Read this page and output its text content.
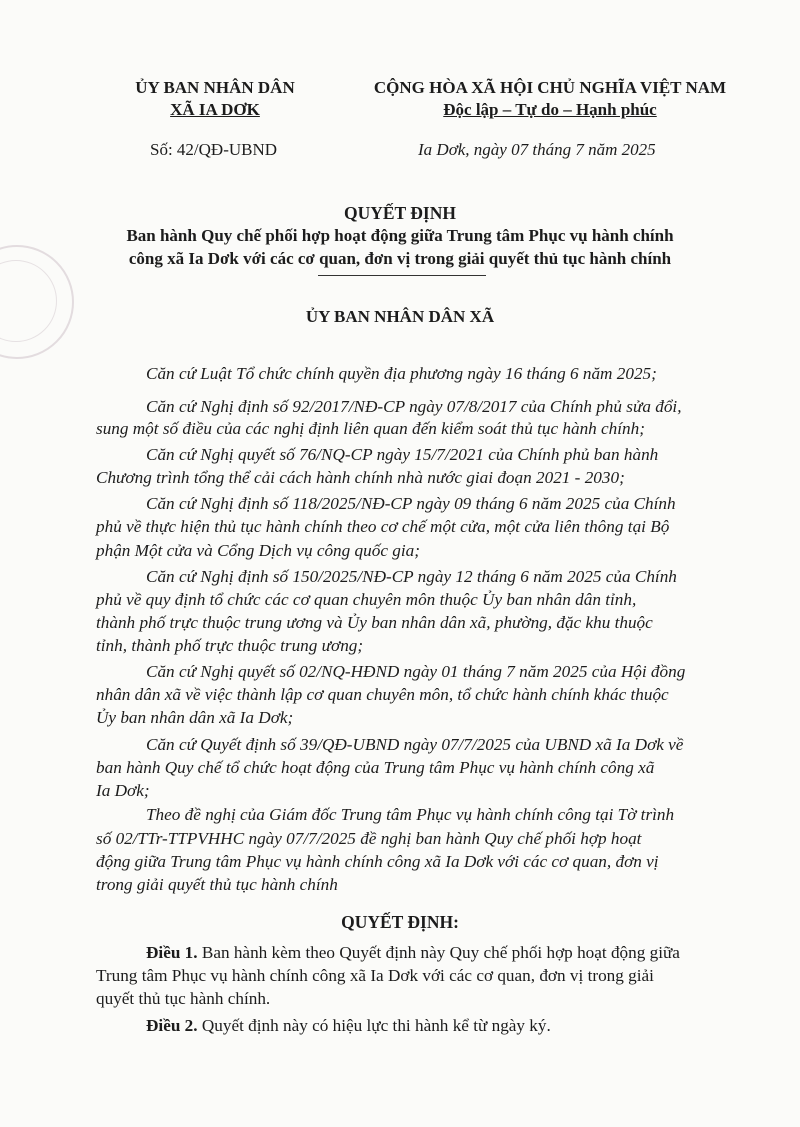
ỦY BAN NHÂN DÂN
XÃ IA DƠK
CỘNG HÒA XÃ HỘI CHỦ NGHĨA VIỆT NAM
Độc lập – Tự do – Hạnh phúc
Số: 42/QĐ-UBND	Ia Dơk, ngày 07 tháng 7 năm 2025
QUYẾT ĐỊNH
Ban hành Quy chế phối hợp hoạt động giữa Trung tâm Phục vụ hành chính
công xã Ia Dơk với các cơ quan, đơn vị trong giải quyết thủ tục hành chính
ỦY BAN NHÂN DÂN XÃ
Căn cứ Luật Tổ chức chính quyền địa phương ngày 16 tháng 6 năm 2025;
Căn cứ Nghị định số 92/2017/NĐ-CP ngày 07/8/2017 của Chính phủ sửa đổi,
sung một số điều của các nghị định liên quan đến kiểm soát thủ tục hành chính;
Căn cứ Nghị quyết số 76/NQ-CP ngày 15/7/2021 của Chính phủ ban hành
Chương trình tổng thể cải cách hành chính nhà nước giai đoạn 2021 - 2030;
Căn cứ Nghị định số 118/2025/NĐ-CP ngày 09 tháng 6 năm 2025 của Chính
phủ về thực hiện thủ tục hành chính theo cơ chế một cửa, một cửa liên thông tại Bộ
phận Một cửa và Cổng Dịch vụ công quốc gia;
Căn cứ Nghị định số 150/2025/NĐ-CP ngày 12 tháng 6 năm 2025 của Chính
phủ về quy định tổ chức các cơ quan chuyên môn thuộc Ủy ban nhân dân tỉnh,
thành phố trực thuộc trung ương và Ủy ban nhân dân xã, phường, đặc khu thuộc
tỉnh, thành phố trực thuộc trung ương;
Căn cứ Nghị quyết số 02/NQ-HĐND ngày 01 tháng 7 năm 2025 của Hội đồng
nhân dân xã về việc thành lập cơ quan chuyên môn, tổ chức hành chính khác thuộc
Ủy ban nhân dân xã Ia Dơk;
Căn cứ Quyết định số 39/QĐ-UBND ngày 07/7/2025 của UBND xã Ia Dơk về
ban hành Quy chế tổ chức hoạt động của Trung tâm Phục vụ hành chính công xã
Ia Dơk;
Theo đề nghị của Giám đốc Trung tâm Phục vụ hành chính công tại Tờ trình
số 02/TTr-TTPVHHC ngày 07/7/2025 đề nghị ban hành Quy chế phối hợp hoạt
động giữa Trung tâm Phục vụ hành chính công xã Ia Dơk với các cơ quan, đơn vị
trong giải quyết thủ tục hành chính
QUYẾT ĐỊNH:
Điều 1. Ban hành kèm theo Quyết định này Quy chế phối hợp hoạt động giữa
Trung tâm Phục vụ hành chính công xã Ia Dơk với các cơ quan, đơn vị trong giải
quyết thủ tục hành chính.
Điều 2. Quyết định này có hiệu lực thi hành kể từ ngày ký.
